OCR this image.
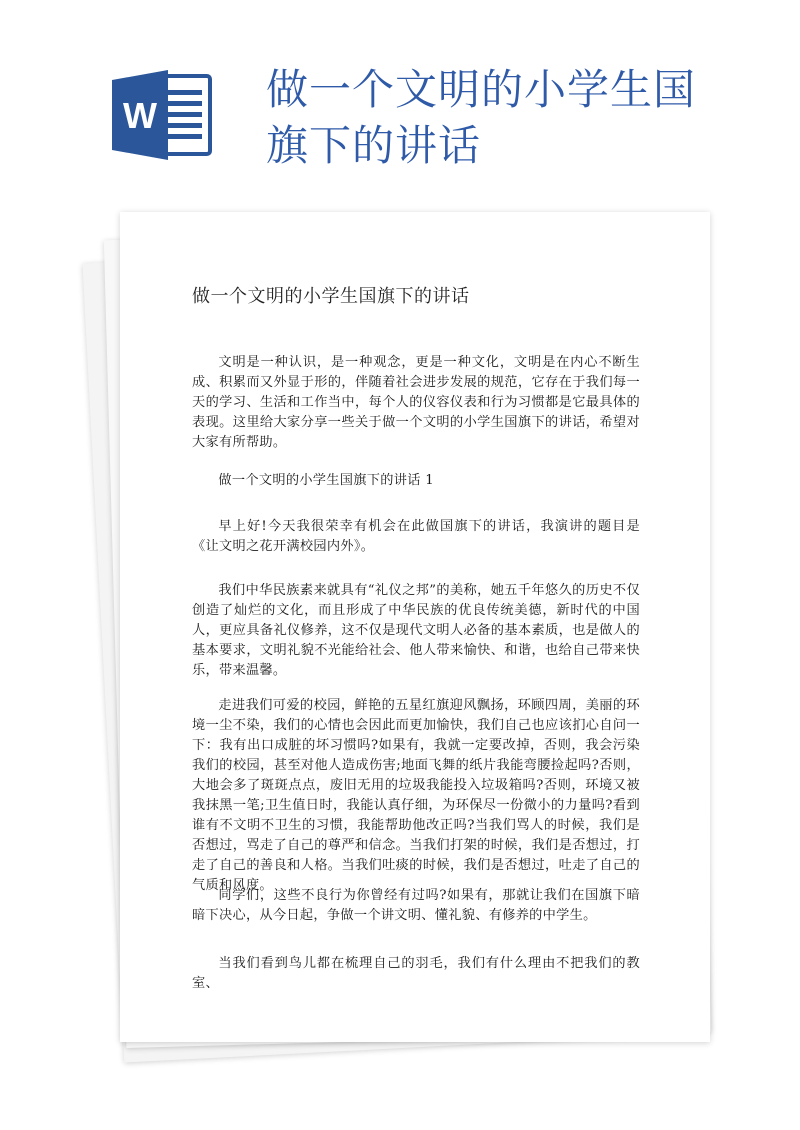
W
做一个文明的小学生国旗下的讲话
做一个文明的小学生国旗下的讲话

文明是一种认识，是一种观念，更是一种文化，文明是在内心不断生成、积累而又外显于形的，伴随着社会进步发展的规范，它存在于我们每一天的学习、生活和工作当中，每个人的仪容仪表和行为习惯都是它最具体的表现。这里给大家分享一些关于做一个文明的小学生国旗下的讲话，希望对大家有所帮助。

做一个文明的小学生国旗下的讲话 1

早上好!今天我很荣幸有机会在此做国旗下的讲话，我演讲的题目是《让文明之花开满校园内外》。

我们中华民族素来就具有“礼仪之邦”的美称，她五千年悠久的历史不仅创造了灿烂的文化，而且形成了中华民族的优良传统美德，新时代的中国人，更应具备礼仪修养，这不仅是现代文明人必备的基本素质，也是做人的基本要求，文明礼貌不光能给社会、他人带来愉快、和谐，也给自己带来快乐，带来温馨。

走进我们可爱的校园，鲜艳的五星红旗迎风飘扬，环顾四周，美丽的环境一尘不染，我们的心情也会因此而更加愉快，我们自己也应该扪心自问一下：我有出口成脏的坏习惯吗?如果有，我就一定要改掉，否则，我会污染我们的校园，甚至对他人造成伤害;地面飞舞的纸片我能弯腰捡起吗?否则，大地会多了斑斑点点，废旧无用的垃圾我能投入垃圾箱吗?否则，环境又被我抹黑一笔;卫生值日时，我能认真仔细，为环保尽一份微小的力量吗?看到谁有不文明不卫生的习惯，我能帮助他改正吗?当我们骂人的时候，我们是否想过，骂走了自己的尊严和信念。当我们打架的时候，我们是否想过，打走了自己的善良和人格。当我们吐痰的时候，我们是否想过，吐走了自己的气质和风度。

同学们，这些不良行为你曾经有过吗?如果有，那就让我们在国旗下暗暗下决心，从今日起，争做一个讲文明、懂礼貌、有修养的中学生。

当我们看到鸟儿都在梳理自己的羽毛，我们有什么理由不把我们的教室、
